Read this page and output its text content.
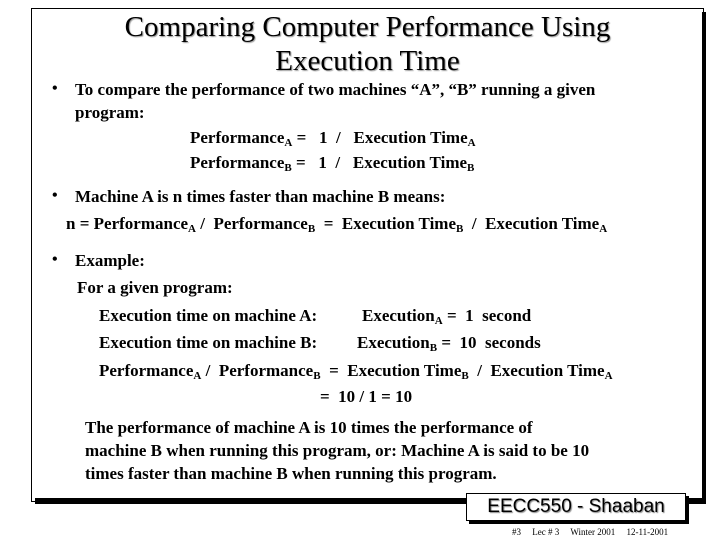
Comparing Computer Performance Using
Execution Time
• To compare the performance of two machines “A”, “B” running a given
program:
Performance$_A$ =   1  /   Execution Time$_A$
Performance$_B$ =   1  /   Execution Time$_B$
• Machine A is n times faster than machine B means:
n = Performance$_A$ /  Performance$_B$  =  Execution Time$_B$  /  Execution Time$_A$
• Example:
For a given program:
Execution time on machine A:	Execution$_A$ =  1  second
Execution time on machine B: Execution$_B$ =  10  seconds
Performance$_A$ /  Performance$_B$  =  Execution Time$_B$  /  Execution Time$_A$
=  10 / 1 = 10
The performance of machine A is 10 times the performance of
machine B when running this program, or: Machine A is said to be 10
times faster than machine B when running this program.
EECC550 - Shaaban
#3 Lec # 3 Winter 2001 12-11-2001
